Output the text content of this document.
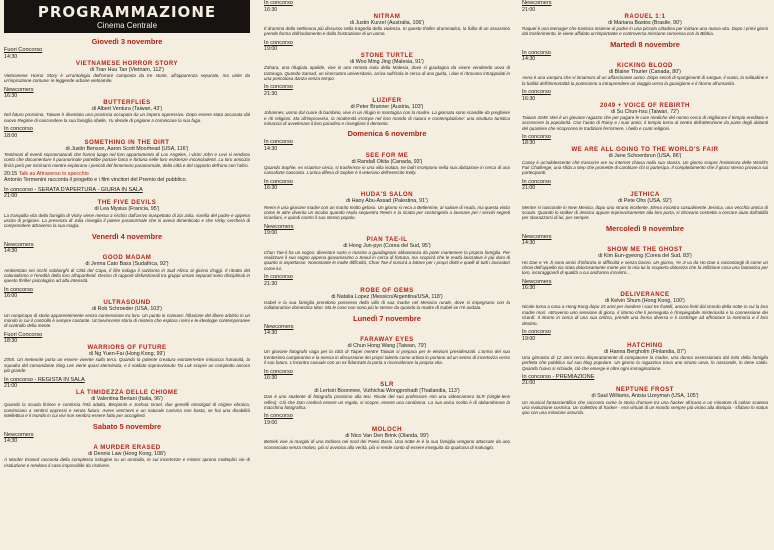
PROGRAMMAZIONE
Cinema Centrale
Giovedì 3 novembre
Fuori Concorso
14:30
VIETNAMESE HORROR STORY
di Tran Huu Tan (Vietnam, 112')
Vietnamese Horror Story è un'antologia dell'orrore composta da tre storie, all'apparenza separate, ma unite da un'ispirazione comune: le leggende urbane vietnamite.
Newcomers
16:30
BUTTERFLIES
di Albert Ventura (Taiwan, 43')
Nel futuro prossimo, Taiwan è diventata una provincia occupata da un impero oppressivo. Dopo essere stata accusata dal nuovo Regime di nascondere la sua famiglia ribelle, Yu decide di prigione a cominciare la sua fuga.
In concorso
18:00
SOMETHING IN THE DIRT
di Justin Benson, Aaron Scott Moorhead (USA, 116')
Testimoni di eventi soprannaturali che hanno luogo nel loro appartamento di Los Angeles, i vicini John e Levi si rendono conto che documentare il paranormale potrebbe portare fama e fortuna nelle loro esistenze inconcludenti. La loro amicizia finirà però per incrinarsi mentre esplorano i pericoli del fenomeno paranormale, della città e del rapporto dell'uno con l'altro.
20:15 Talk au Attraverso lo specchio
Antonio Termenini racconta il progetto e i film vincitori del Premio del pubblico.
In concorso - SERATA D'APERTURA - GIURIA IN SALA
21:00
THE FIVE DEVILS
di Lea Mysius (Francia, 95')
La tranquilla vita della famiglia di Vicky viene messa a rischio dall'arrivo inaspettato di zia Julia, sorella del padre e appena uscita di prigione. La presenza di Julia risveglia il potere paranormale che si aveva dimenticato e che Vicky cercherà di comprendere attraverso la sua magia.
Venerdì 4 novembre
Newcomers
14:30
GOOD MADAM
di Jenna Cato Bass (Sudafrica, 92')
Ambientato nei ricchi sobborghi di Città del Capo, il film indaga il razzismo in Sud Africa al giorno d'oggi. Il ritratto del colonialismo e l'eredità della loro all'apartheid. Deciso di rapporti disfunzionali tra gruppi umani separati sono disciplinati in questo thriller psicologico ad alta intensità.
In concorso
16:00
ULTRASOUND
di Rob Schroeder (USA, 103')
Un rompicapo di storie apparentemente senza connessione tra loro. Un punto in comune: l'illusione del libero arbitrio in un mondo in cui il controllo è sempre costante. Un'avvincente storia di mistero che esplora i temi e le ideologie contemporanee di controllo della mente.
Fuori Concorso
18:30
WARRIORS OF FUTURE
di Ng Yuen-Fai (Hong Kong, 99')
2055. Un meteorite porta un essere vivente sulla terra. Quando la potente creatura extraterrestre minaccia l'umanità, la squadra del comandante Sing Lee viene quasi sterminata, e il soldato sopravvissuto Tai Lok scopre un complotto ancora più grande.
In concorso - REGISTA IN SALA
21:00
LA TIMIDEZZA DELLE CHIOME
di Valentina Bertani (Italia, 96')
Quando la scuola finisce e comincia l'età adulta, Benjamin e Joshua Israel, due gemelli omozigoti di origine ebraica, cominciano a sentirsi oppressi e senza futuro. Avere vent'anni e un naturale carisma non basta, se hai una disabilità intellettiva e il mondo in cui vivi non sembra essere fatto per accoglierti.
Sabato 5 novembre
Newcomers
14:30
A MURDER ERASED
di Dennis Law (Hong Kong, 108')
A Murder Erased racconta della complessa indagine su un omicidio, le cui incertezze e misteri aprono molteplici vie di risoluzione e rendono il caso impossibile da risolvere.
In concorso
16:30
NITRAM
di Justin Kurzel (Australia, 106')
Il dramma della settimana più discusso nella tragedia della violenza. In questo thriller drammatico, la follia di un assassino prende forma dall'isolamento e dalla frustrazione di un uomo.
In concorso
19:00
STONE TURTLE
di Woo Ming Jing (Malesia, 91')
Zahara, una rifugiata apolide, vive in una remota isola della Malesia, dove si guadagna da vivere vendendo uova di tartaruga. Quando Samad, un ricercatore universitario, arriva sull'isola in cerca di una guida, i due si ritrovano intrappolati in una pericolosa danza senza tempo.
In concorso
21:30
LUZIFER
di Peter Brunner (Austria, 103')
Johannes, uomo dal cuore di bambino, vive in un rifugio in montagna con la madre. La giornata sono scandite da preghiere e riti religiosi. Ma all'improvviso, la modernità irrompe nel loro mondo di natura e contemplazione: una struttura turistica minaccia di avvelenare il loro paradiso e risvegliare il demonio.
Domenica 6 novembre
In concorso
14:30
SEE FOR ME
di Randall Okita (Canada, 93')
Quando Sophie, ex sciatrice cieca, si trasferisce in una villa isolata, tre ladri irrompono nella sua abitazione in cerca di una cassaforte nascosta. L'unica difesa di Sophie è il veterano dell'esercito Kelly.
In concorso
16:30
HUDA'S SALON
di Hany Abu-Assad (Palestina, 91')
Reem è una giovane madre con un marito molto geloso. Un giorno si reca a Betlemme, al salone di Huda, ma questa visita come le altre diventa un incubo quando Huda sequestra Reem e la ricatta per costringerla a lavorare per i servizi segreti israeliani, e quindi contro il suo stesso popolo.
Newcomers
19:00
PIAN TAE-IL
di Hong Jun-pyo (Corea del Sud, 95')
Chun Tae-il ha un sogno: diventare sarto e riuscire a guadagnare abbastanza da poter mantenere la propria famiglia. Per realizzare il suo sogno appena giovanissimo a Seoul in cerca di fortuna, ma scoprirà che le realtà lavorative è più duro di quanto si aspettasse. Nonostante le molte difficoltà, Chun Tae-il riuscirà a lottare per i propri diritti e quelli di tutti i lavoratori come lui.
In concorso
21:30
ROBE OF GEMS
di Natalia Lopez (Messico/Argentina/USA, 118')
Isabel e la sua famiglia prendono possesso della villa di sua madre nel Messico rurale, dove si impegnano con la collaboratrice domestica Mari. Ma le cose non sono più le stesse da quando la madre di Isabel se n'è andata.
Lunedì 7 novembre
Newcomers
14:30
FARAWAY EYES
di Chun Hong Wang (Taiwan, 79')
Un giovane fotografo vaga per la città di Taipei mentre Taiwan si prepara per le elezioni presidenziali. L'arrivo del suo trentesimo compleanno e la messa in discussione dei propri talento come artista lo portano ad un senso di incertezza verso il suo futuro. L'incontro casuale con un ex fidanzato la porta a riconsiderare la propria vita.
In concorso
16:30
SLR
di Lertsiri Boonmee, Vuthichai Wongprohadt (Thailandia, 113')
Dan è uno studente di fotografia prossimo alla tesi. Rivale del suo professore Aim una videocamera SLR (single-lens reflex). Ciò che Dan crederà essere un regalo, si scopre, essere una condanna. La sua unica scelta è di abbandonare la macchina fotografica.
In concorso
19:00
MOLOCH
di Nico Van Den Brink (Olanda, 99')
Betriek vive ai margini di una torbiera nel nord dei Paesi Bassi. Una notte le è la sua famiglia vengono attaccate da uno sconosciuto senza motivo, più si avvicina alla verità, più si rende conto di essere inseguita da qualcosa di malvagio.
Newcomers
21:00
RAOUEL 1:1
di Mariana Bastos (Brasile, 90')
Raquel è una teenager che trasloca insieme al padre in una piccola cittadina per iniziare una nuova vita. Dopo i primi giorni dal trasferimento, le viene affidato un'importante e controversa missione concessa con la Bibbia.
Martedì 8 novembre
In concorso
14:30
KICKING BLOOD
di Blaine Thurier (Canada, 80')
Anna è una vampira che si innamora di un affascinante uomo. Dopo secoli di sporgimenti di sangue, il vuoto, la solitudine e la futilità dell'immortalità la porteranno a intraprendere un viaggio verso la guarigione e il ritorno all'umanità.
In concorso
16:30
2049 + VOICE OF REBIRTH
di Su Chun-hsu (Taiwan, 72')
Taiwan 2049. Wei è un giovane ragazzo che per pagare le cure mediche del nonno cerca di migliorare il tempio ereditato e accrescere la popolarità. Con l'aiuto di Rainy e i suoi amici, il tempio torna al centro dell'attenzione da parte degli abitanti del quartiere che ricopronno le tradizioni ferrcimere, i bello e canti religiosi.
In concorso
18:30
WE ARE ALL GOING TO THE WORLD'S FAIR
di Jane Schoenbrun (USA, 86')
Casey è un'adolescente che trascorre ore su internet chiusa nella sua stanza. Un giorno scopre l'esistenza delle World's Fair Challenge, una sfida a step che promette di cambiare chi ci partecipa. Il completamento che il gioco stesso provoca sui partecipanti.
In concorso
21:00
JETHICA
di Pete Ohs (USA, 92')
Mentre si nasconde in New Mexico, dopo uno strano incidente, Elena incontra casualmente Jessica, una vecchia amica di scuola. Quando lo stalker di Jessica appare improvvisamente alla loro porta, si ritrovano costrette a cercare aiuto dall'aldilà per sbarazzarsi di lui, per sempre.
Mercoledì 9 novembre
Newcomers
14:30
SHOW ME THE GHOST
di Kim Eun-gyeong (Corea del Sud, 83')
Ho Dae e Ye Ji sono amici d'infanzia in difficoltà e senza lavoro. Un giorno, Ye Ji va da Ho Dae a raccontargli di come un ritrovi dell'appello sia stata dolorosamente morte per la mia lui la scoperta dolcezza che fa inflizione cosa una fantastica per loro, incoraggiandi di qualità a cui andranno incontro...
Newcomers
16:30
DELIVERANCE
di Kelvin Shum (Hong Kong, 100')
Nicole torna a casa a Hong Kong dopo 15 anni per rivedere i suoi tre fratelli, ancora feriti dal ricordo della notte in cui la loro madre morì. Attraverso uno sessione di gioco, il ritorno che li perseguita è l'inspiegabile misteriosità e la connessione dei ricordi. Il ritorno in cerca di una sua ombra, prende una forma diversa e li costringe ad affrontare la memoria e il loro destino.
In concorso
19:00
HATCHING
di Hanna Bergholm (Finlandia, 87')
Una ginnasta di 12 anni cerca disperatamente di compiacere la madre, una donna ossessionata dal mito della famiglia perfetta che pubblica sul suo blog popolare. Un giorno la ragazzina trova uno strano uovo, lo nasconde, lo tiene caldo. Quando l'uovo si schiude, ciò che emerge è oltre ogni immaginazione.
In concorso - PREMIAZIONE
21:00
NEPTUNE FROST
di Saul Williams, Anisia Uzeyman (USA, 105')
Un musical fantascientifico che racconta come la storia d'amore tra una hacker africana e un minatore di coltan scatena una rivoluzione cosmica. Un collettivo di hacker - eroi virtuali di un mondo sempre più vicino alla distopia - sfidano lo status quo con una missione assurda.
